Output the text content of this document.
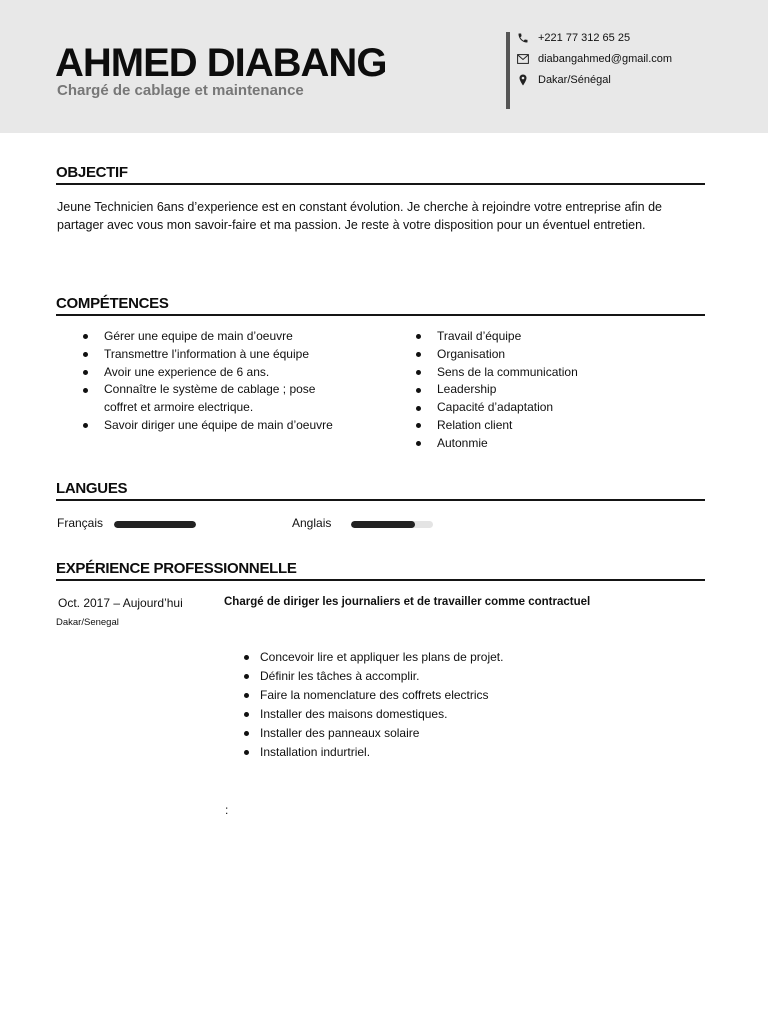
AHMED DIABANG
Chargé de cablage et maintenance
+221 77 312 65 25
diabangahmed@gmail.com
Dakar/Sénégal
OBJECTIF

Jeune Technicien 6ans d’experience est en constant évolution. Je cherche à rejoindre votre entreprise afin de partager avec vous mon savoir-faire et ma passion. Je reste à votre disposition pour un éventuel entretien.

COMPÉTENCES
Gérer une equipe de main d’oeuvre
Transmettre l’information à une équipe
Avoir une experience de 6 ans.
Connaître le système de cablage ; pose coffret et armoire electrique.
Savoir diriger une équipe de main d’oeuvre
Travail d’équipe
Organisation
Sens de la communication
Leadership
Capacité d’adaptation
Relation client
Autonmie
LANGUES
Français	Anglais
EXPÉRIENCE PROFESSIONNELLE
Oct. 2017 – Aujourd’hui
Dakar/Senegal
Chargé de diriger les journaliers et de travailler comme contractuel
Concevoir lire et appliquer les plans de projet.
Définir les tâches à accomplir.
Faire la nomenclature des coffrets electrics
Installer des maisons domestiques.
Installer des panneaux solaire
Installation indurtriel.
:
